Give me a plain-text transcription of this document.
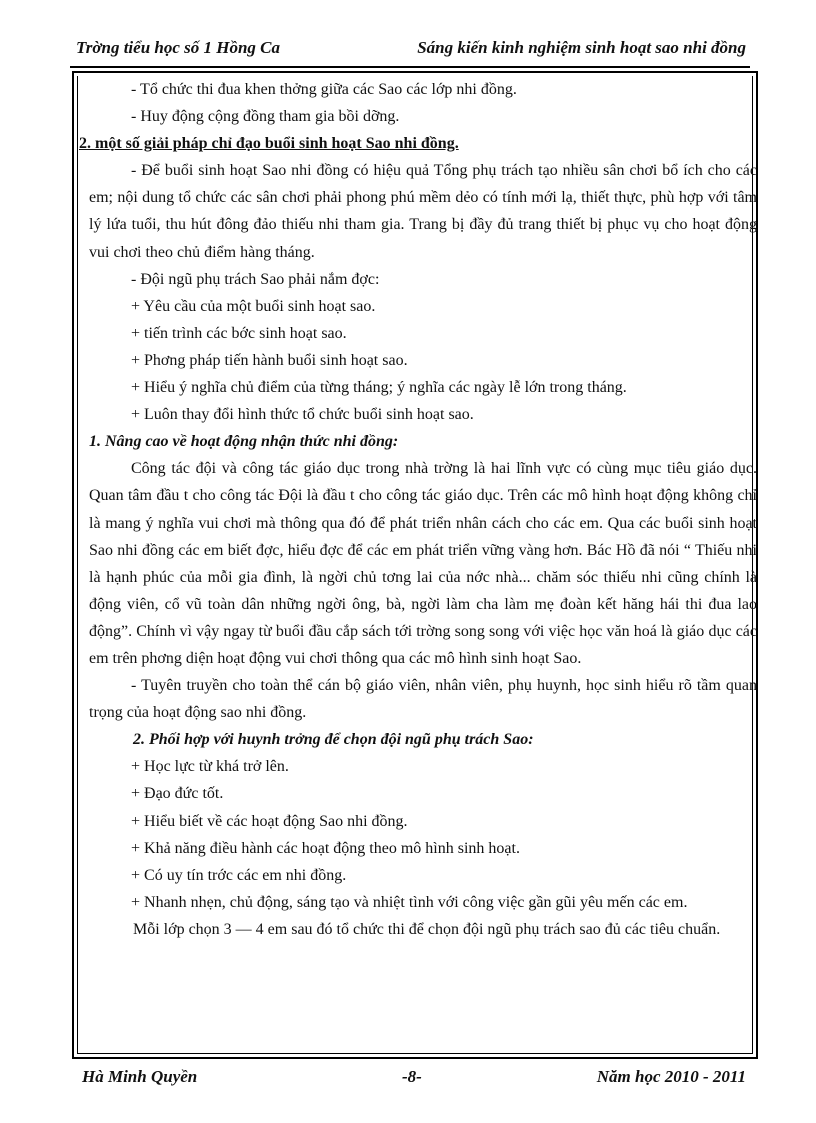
Trờng tiểu học số 1 Hồng Ca	Sáng kiến kinh nghiệm sinh hoạt sao nhi đồng

- Tổ chức thi đua khen thởng giữa các Sao các lớp nhi đồng.

- Huy động cộng đồng tham gia bồi dỡng.

2. một số giải pháp chỉ đạo buổi sinh hoạt Sao nhi đồng.

- Để buổi sinh hoạt Sao nhi đồng có hiệu quả Tổng phụ trách tạo nhiều sân chơi bổ ích cho các em; nội dung tổ chức các sân chơi phải phong phú mềm dẻo có tính mới lạ, thiết thực, phù hợp với tâm lý lứa tuổi, thu hút đông đảo thiếu nhi tham gia. Trang bị đầy đủ trang thiết bị phục vụ cho hoạt động vui chơi theo chủ điểm hàng tháng.

- Đội ngũ phụ trách Sao phải nắm đợc:

+ Yêu cầu của một buổi sinh hoạt sao.

+ tiến trình các bớc sinh hoạt sao.

+ Phơng pháp tiến hành buổi sinh hoạt sao.

+ Hiểu ý nghĩa chủ điểm của từng tháng; ý nghĩa các ngày lễ lớn trong tháng.

+ Luôn thay đổi hình thức tổ chức buổi sinh hoạt sao.

1. Nâng cao về hoạt động nhận thức nhi đồng:

Công tác đội và công tác giáo dục trong nhà trờng là hai lĩnh vực có cùng mục tiêu giáo dục. Quan tâm đầu t cho công tác Đội là đầu t cho công tác giáo dục. Trên các mô hình hoạt động không chỉ là mang ý nghĩa vui chơi mà thông qua đó để phát triển nhân cách cho các em. Qua các buổi sinh hoạt Sao nhi đồng các em biết đợc, hiểu đợc để các em phát triển vững vàng hơn. Bác Hồ đã nói “ Thiếu nhi là hạnh phúc của mỗi gia đình, là ngời chủ tơng lai của nớc nhà... chăm sóc thiếu nhi cũng chính là động viên, cổ vũ toàn dân những ngời ông, bà, ngời làm cha làm mẹ đoàn kết hăng hái thi đua lao động”. Chính vì vậy ngay từ buổi đầu cắp sách tới trờng song song với việc học văn hoá là giáo dục các em trên phơng diện hoạt động vui chơi thông qua các mô hình sinh hoạt Sao.

- Tuyên truyền cho toàn thể cán bộ giáo viên, nhân viên, phụ huynh, học sinh hiểu rõ tầm quan trọng của hoạt động sao nhi đồng.

2. Phối hợp với huynh trởng để chọn đội ngũ phụ trách Sao:

+ Học lực từ khá trở lên.

+ Đạo đức tốt.

+ Hiểu biết về các hoạt động Sao nhi đồng.

+ Khả năng điều hành các hoạt động theo mô hình sinh hoạt.

+ Có uy tín trớc các em nhi đồng.

+ Nhanh nhẹn, chủ động, sáng tạo và nhiệt tình với công việc gần gũi yêu mến các em.

Mỗi lớp chọn 3 — 4 em sau đó tổ chức thi để chọn đội ngũ phụ trách sao đủ các tiêu chuẩn.

Hà Minh Quyền	-8-	Năm học 2010 - 2011
